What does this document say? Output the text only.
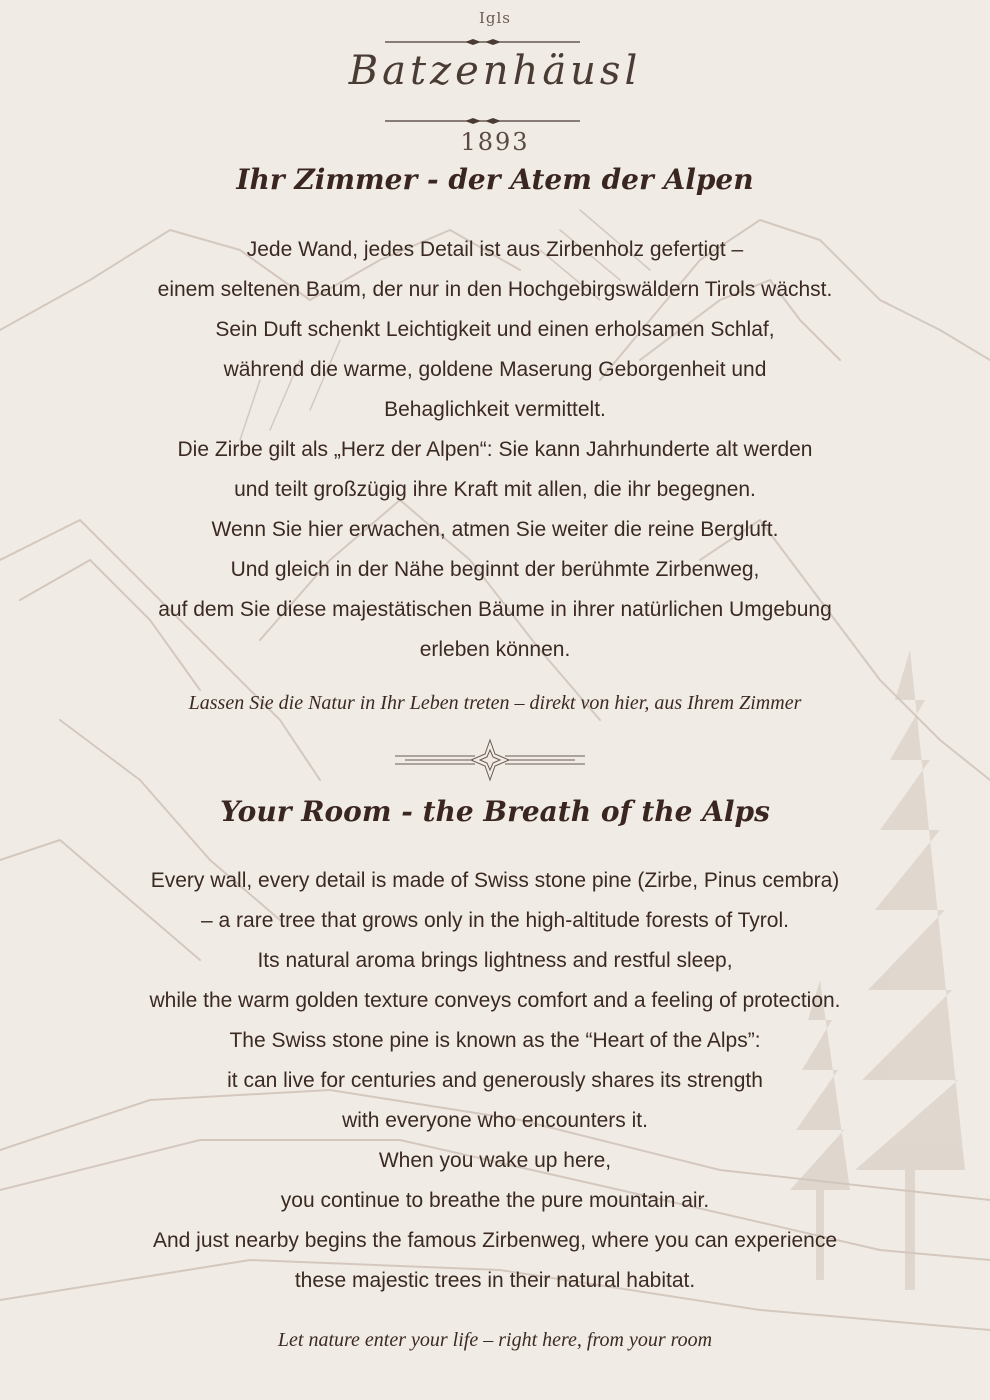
Igls
Batzenhäusl
1893
Ihr Zimmer - der Atem der Alpen
Jede Wand, jedes Detail ist aus Zirbenholz gefertigt –
einem seltenen Baum, der nur in den Hochgebirgswäldern Tirols wächst.
Sein Duft schenkt Leichtigkeit und einen erholsamen Schlaf,
während die warme, goldene Maserung Geborgenheit und
Behaglichkeit vermittelt.
Die Zirbe gilt als „Herz der Alpen“: Sie kann Jahrhunderte alt werden
und teilt großzügig ihre Kraft mit allen, die ihr begegnen.
Wenn Sie hier erwachen, atmen Sie weiter die reine Bergluft.
Und gleich in der Nähe beginnt der berühmte Zirbenweg,
auf dem Sie diese majestätischen Bäume in ihrer natürlichen Umgebung
erleben können.
Lassen Sie die Natur in Ihr Leben treten – direkt von hier, aus Ihrem Zimmer
Your Room - the Breath of the Alps
Every wall, every detail is made of Swiss stone pine (Zirbe, Pinus cembra)
– a rare tree that grows only in the high-altitude forests of Tyrol.
Its natural aroma brings lightness and restful sleep,
while the warm golden texture conveys comfort and a feeling of protection.
The Swiss stone pine is known as the “Heart of the Alps”:
it can live for centuries and generously shares its strength
with everyone who encounters it.
When you wake up here,
you continue to breathe the pure mountain air.
And just nearby begins the famous Zirbenweg, where you can experience
these majestic trees in their natural habitat.
Let nature enter your life – right here, from your room
